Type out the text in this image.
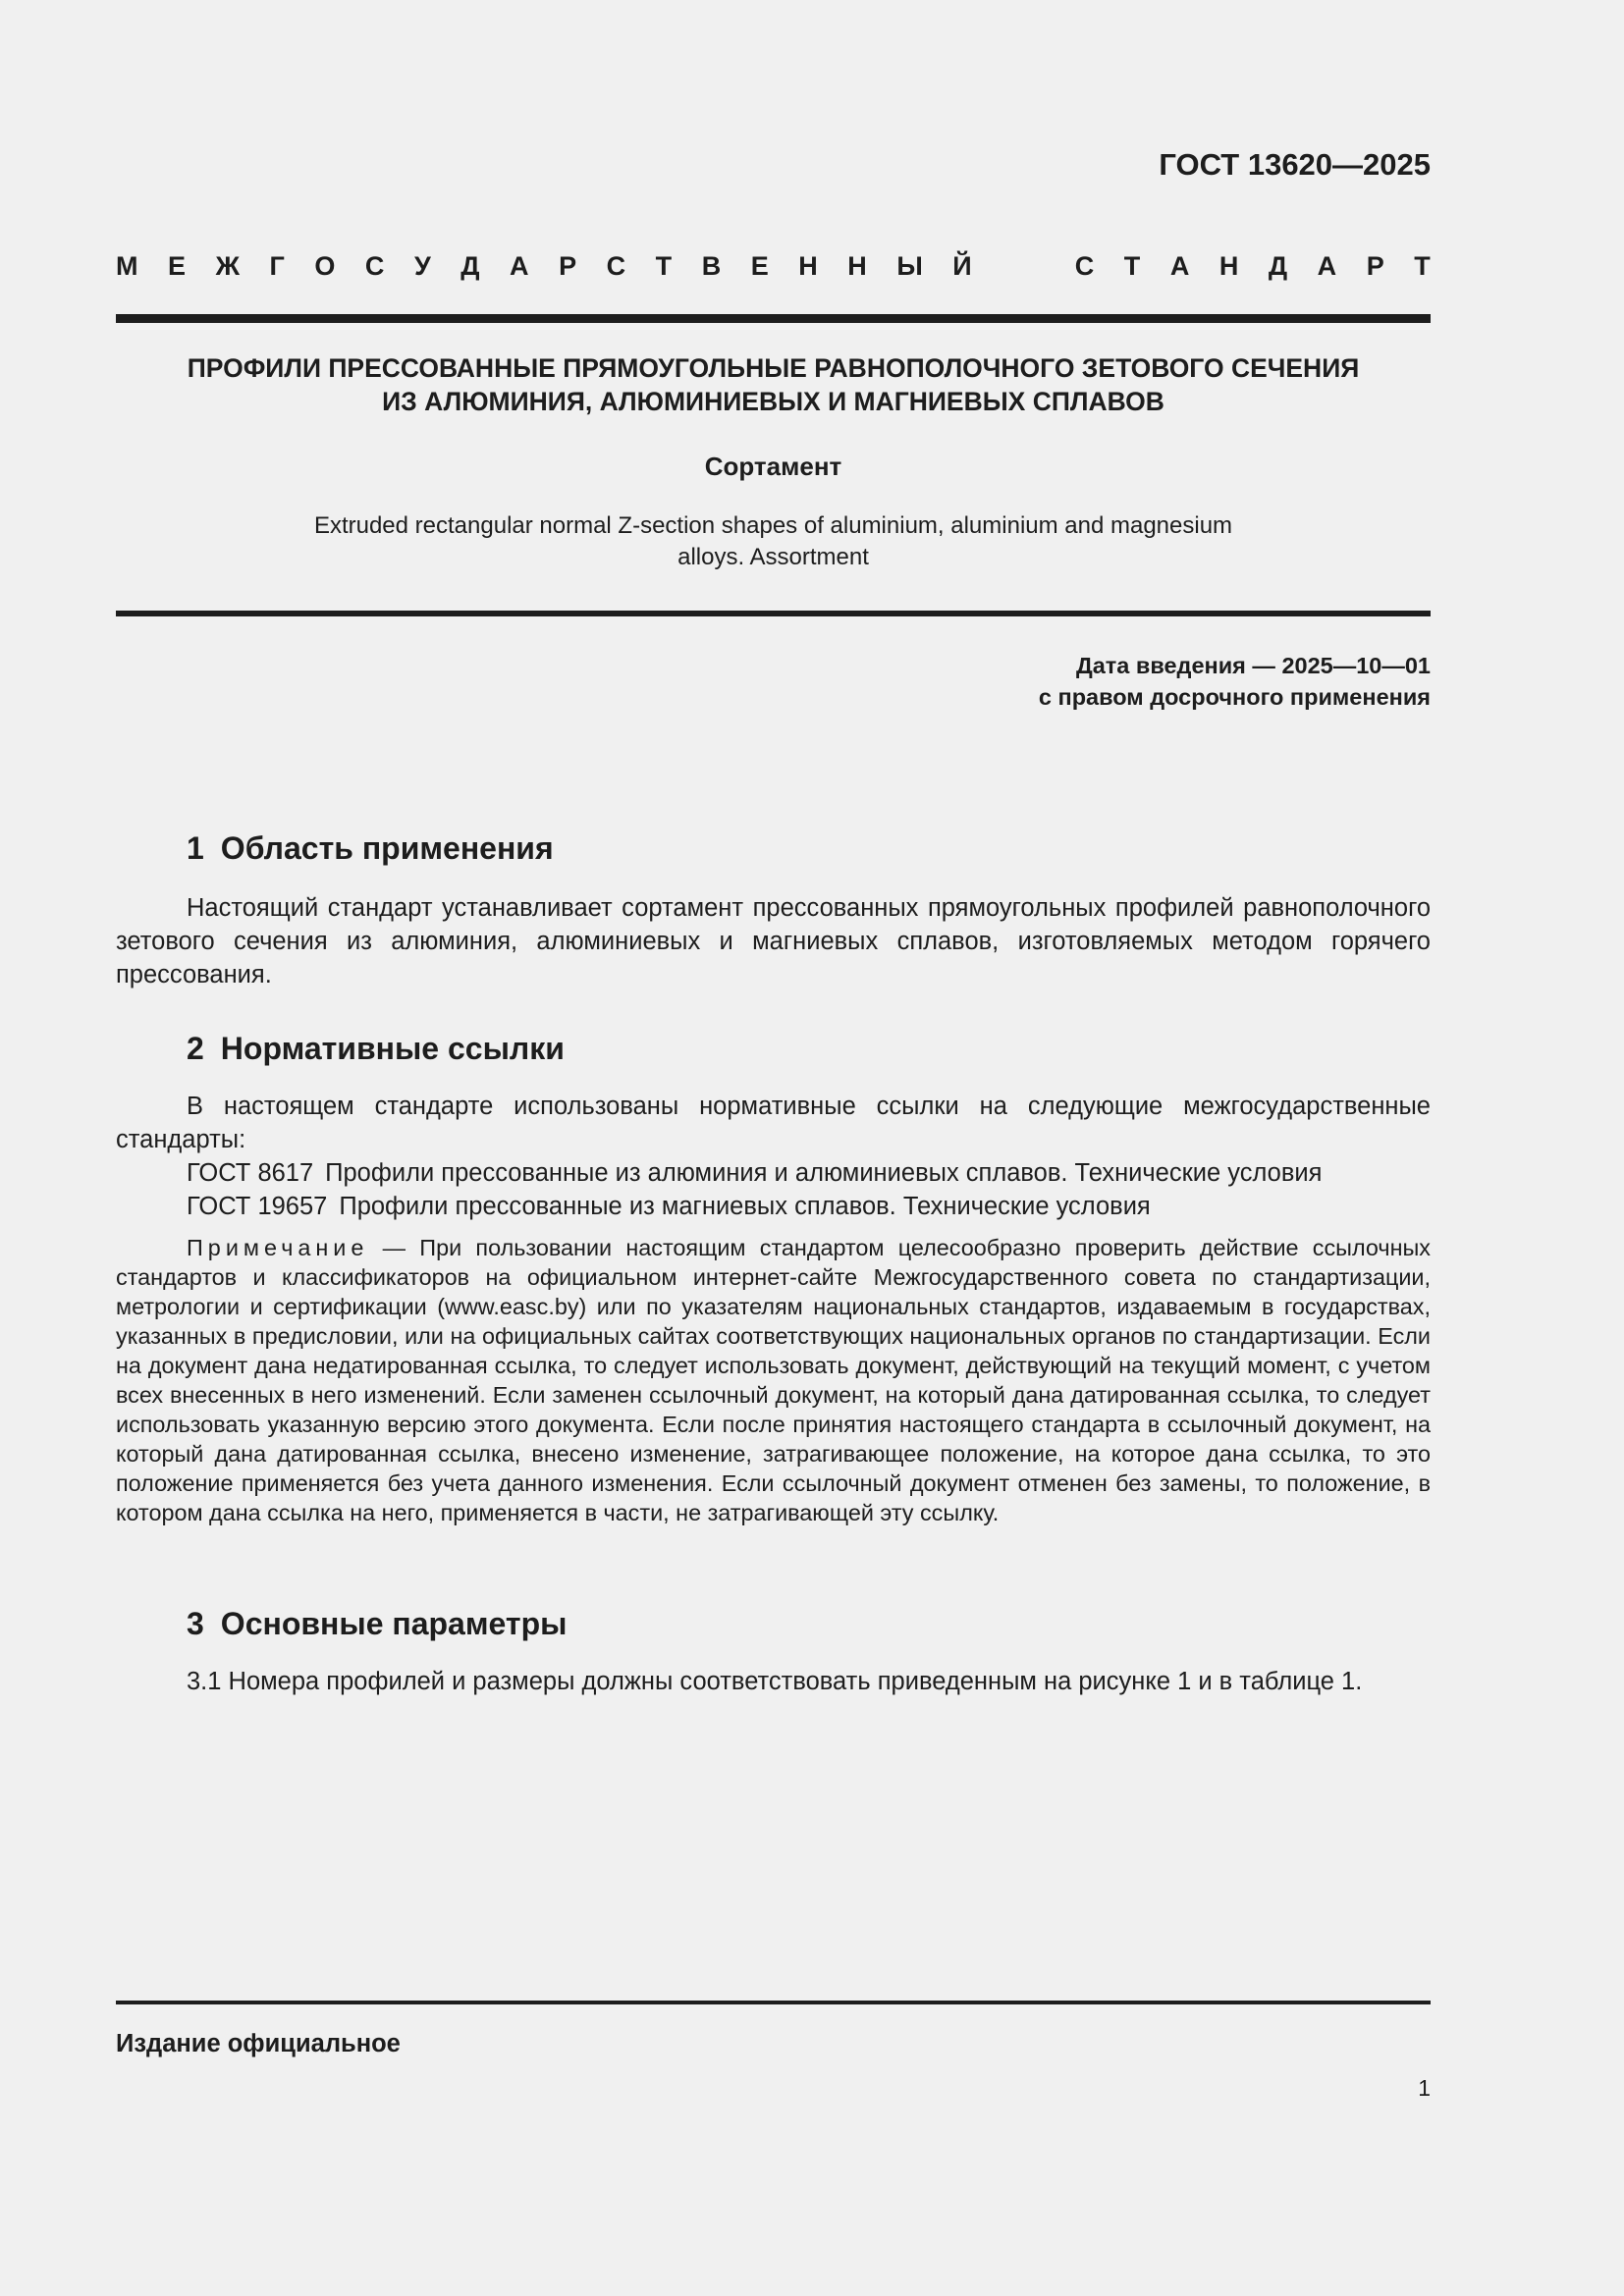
ГОСТ 13620—2025
М Е Ж Г О С У Д А Р С Т В Е Н Н Ы Й	С Т А Н Д А Р Т
ПРОФИЛИ ПРЕССОВАННЫЕ ПРЯМОУГОЛЬНЫЕ РАВНОПОЛОЧНОГО ЗЕТОВОГО СЕЧЕНИЯ
ИЗ АЛЮМИНИЯ, АЛЮМИНИЕВЫХ И МАГНИЕВЫХ СПЛАВОВ
Сортамент
Extruded rectangular normal Z-section shapes of aluminium, aluminium and magnesium
alloys. Assortment
Дата введения — 2025—10—01
с правом досрочного применения
1 Область применения
Настоящий стандарт устанавливает сортамент прессованных прямоугольных профилей равнополочного зетового сечения из алюминия, алюминиевых и магниевых сплавов, изготовляемых методом горячего прессования.
2 Нормативные ссылки
В настоящем стандарте использованы нормативные ссылки на следующие межгосударственные стандарты:
ГОСТ 8617 Профили прессованные из алюминия и алюминиевых сплавов. Технические условия
ГОСТ 19657 Профили прессованные из магниевых сплавов. Технические условия
Примечание — При пользовании настоящим стандартом целесообразно проверить действие ссылочных стандартов и классификаторов на официальном интернет-сайте Межгосударственного совета по стандартизации, метрологии и сертификации (www.easc.by) или по указателям национальных стандартов, издаваемым в государствах, указанных в предисловии, или на официальных сайтах соответствующих национальных органов по стандартизации. Если на документ дана недатированная ссылка, то следует использовать документ, действующий на текущий момент, с учетом всех внесенных в него изменений. Если заменен ссылочный документ, на который дана датированная ссылка, то следует использовать указанную версию этого документа. Если после принятия настоящего стандарта в ссылочный документ, на который дана датированная ссылка, внесено изменение, затрагивающее положение, на которое дана ссылка, то это положение применяется без учета данного изменения. Если ссылочный документ отменен без замены, то положение, в котором дана ссылка на него, применяется в части, не затрагивающей эту ссылку.
3 Основные параметры
3.1 Номера профилей и размеры должны соответствовать приведенным на рисунке 1 и в таблице 1.
Издание официальное
1
